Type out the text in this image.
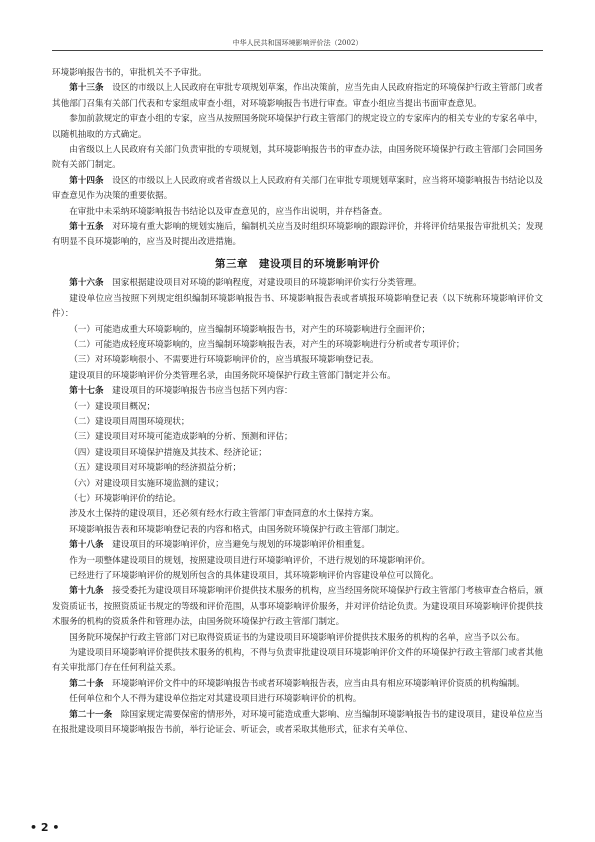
中华人民共和国环境影响评价法（2002）

环境影响报告书的，审批机关不予审批。

第十三条　设区的市级以上人民政府在审批专项规划草案，作出决策前，应当先由人民政府指定的环境保护行政主管部门或者其他部门召集有关部门代表和专家组成审查小组，对环境影响报告书进行审查。审查小组应当提出书面审查意见。

参加前款规定的审查小组的专家，应当从按照国务院环境保护行政主管部门的规定设立的专家库内的相关专业的专家名单中，以随机抽取的方式确定。

由省级以上人民政府有关部门负责审批的专项规划，其环境影响报告书的审查办法，由国务院环境保护行政主管部门会同国务院有关部门制定。

第十四条　设区的市级以上人民政府或者省级以上人民政府有关部门在审批专项规划草案时，应当将环境影响报告书结论以及审查意见作为决策的重要依据。

在审批中未采纳环境影响报告书结论以及审查意见的，应当作出说明，并存档备查。

第十五条　对环境有重大影响的规划实施后，编制机关应当及时组织环境影响的跟踪评价，并将评价结果报告审批机关；发现有明显不良环境影响的，应当及时提出改进措施。

第三章　建设项目的环境影响评价

第十六条　国家根据建设项目对环境的影响程度，对建设项目的环境影响评价实行分类管理。

建设单位应当按照下列规定组织编制环境影响报告书、环境影响报告表或者填报环境影响登记表（以下统称环境影响评价文件）：

（一）可能造成重大环境影响的，应当编制环境影响报告书，对产生的环境影响进行全面评价；

（二）可能造成轻度环境影响的，应当编制环境影响报告表，对产生的环境影响进行分析或者专项评价；

（三）对环境影响很小、不需要进行环境影响评价的，应当填报环境影响登记表。

建设项目的环境影响评价分类管理名录，由国务院环境保护行政主管部门制定并公布。

第十七条　建设项目的环境影响报告书应当包括下列内容：

（一）建设项目概况；

（二）建设项目周围环境现状；

（三）建设项目对环境可能造成影响的分析、预测和评估；

（四）建设项目环境保护措施及其技术、经济论证；

（五）建设项目对环境影响的经济损益分析；

（六）对建设项目实施环境监测的建议；

（七）环境影响评价的结论。

涉及水土保持的建设项目，还必须有经水行政主管部门审查同意的水土保持方案。

环境影响报告表和环境影响登记表的内容和格式，由国务院环境保护行政主管部门制定。

第十八条　建设项目的环境影响评价，应当避免与规划的环境影响评价相重复。

作为一项整体建设项目的规划，按照建设项目进行环境影响评价，不进行规划的环境影响评价。

已经进行了环境影响评价的规划所包含的具体建设项目，其环境影响评价内容建设单位可以简化。

第十九条　接受委托为建设项目环境影响评价提供技术服务的机构，应当经国务院环境保护行政主管部门考核审查合格后，颁发资质证书，按照资质证书规定的等级和评价范围，从事环境影响评价服务，并对评价结论负责。为建设项目环境影响评价提供技术服务的机构的资质条件和管理办法，由国务院环境保护行政主管部门制定。

国务院环境保护行政主管部门对已取得资质证书的为建设项目环境影响评价提供技术服务的机构的名单，应当予以公布。

为建设项目环境影响评价提供技术服务的机构，不得与负责审批建设项目环境影响评价文件的环境保护行政主管部门或者其他有关审批部门存在任何利益关系。

第二十条　环境影响评价文件中的环境影响报告书或者环境影响报告表，应当由具有相应环境影响评价资质的机构编制。

任何单位和个人不得为建设单位指定对其建设项目进行环境影响评价的机构。

第二十一条　除国家规定需要保密的情形外，对环境可能造成重大影响、应当编制环境影响报告书的建设项目，建设单位应当在报批建设项目环境影响报告书前，举行论证会、听证会，或者采取其他形式，征求有关单位、

• 2 •
